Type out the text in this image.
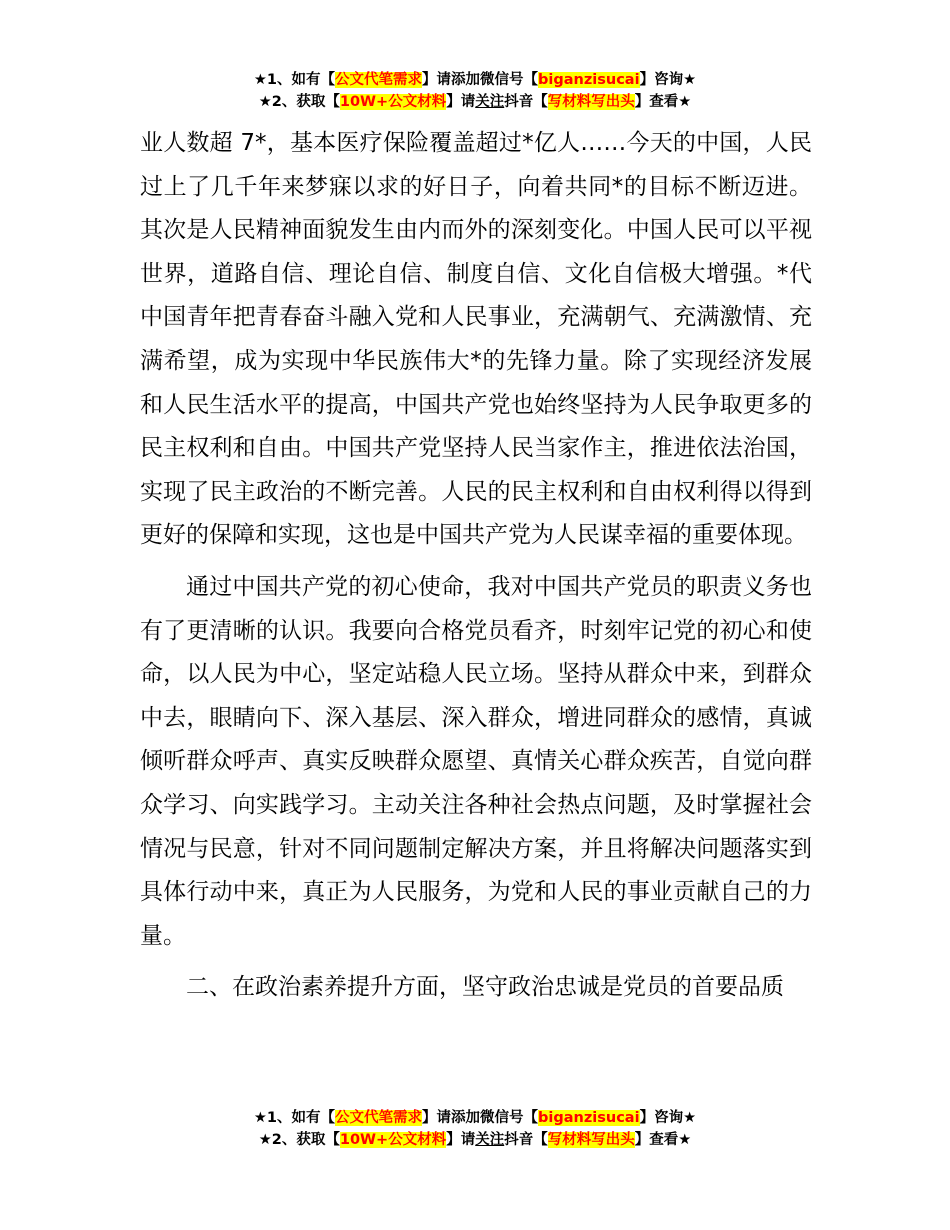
★1、如有【公文代笔需求】请添加微信号【biganzisucai】咨询★
★2、获取【10W+公文材料】请关注抖音【写材料写出头】查看★

业人数超 7*，基本医疗保险覆盖超过*亿人……今天的中国，人民过上了几千年来梦寐以求的好日子，向着共同*的目标不断迈进。其次是人民精神面貌发生由内而外的深刻变化。中国人民可以平视世界，道路自信、理论自信、制度自信、文化自信极大增强。*代中国青年把青春奋斗融入党和人民事业，充满朝气、充满激情、充满希望，成为实现中华民族伟大*的先锋力量。除了实现经济发展和人民生活水平的提高，中国共产党也始终坚持为人民争取更多的民主权利和自由。中国共产党坚持人民当家作主，推进依法治国，实现了民主政治的不断完善。人民的民主权利和自由权利得以得到更好的保障和实现，这也是中国共产党为人民谋幸福的重要体现。

通过中国共产党的初心使命，我对中国共产党员的职责义务也有了更清晰的认识。我要向合格党员看齐，时刻牢记党的初心和使命，以人民为中心，坚定站稳人民立场。坚持从群众中来，到群众中去，眼睛向下、深入基层、深入群众，增进同群众的感情，真诚倾听群众呼声、真实反映群众愿望、真情关心群众疾苦，自觉向群众学习、向实践学习。主动关注各种社会热点问题，及时掌握社会情况与民意，针对不同问题制定解决方案，并且将解决问题落实到具体行动中来，真正为人民服务，为党和人民的事业贡献自己的力量。

二、在政治素养提升方面，坚守政治忠诚是党员的首要品质

★1、如有【公文代笔需求】请添加微信号【biganzisucai】咨询★
★2、获取【10W+公文材料】请关注抖音【写材料写出头】查看★
